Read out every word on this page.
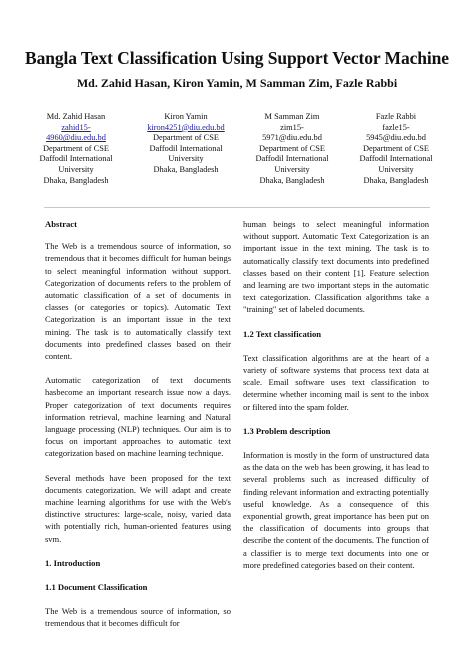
Bangla Text Classification Using Support Vector Machine
Md. Zahid Hasan, Kiron Yamin, M Samman Zim, Fazle Rabbi
Md. Zahid Hasan
zahid15-
4960@diu.edu.bd
Department of CSE
Daffodil International
University
Dhaka, Bangladesh
Kiron Yamin
kiron4251@diu.edu.bd
Department of CSE
Daffodil International
University
Dhaka, Bangladesh
M Samman Zim
zim15-
5971@diu.edu.bd
Department of CSE
Daffodil International
University
Dhaka, Bangladesh
Fazle Rabbi
fazle15-
5945@diu.edu.bd
Department of CSE
Daffodil International
University
Dhaka, Bangladesh
Abstract

The Web is a tremendous source of information, so tremendous that it becomes difficult for human beings to select meaningful information without support. Categorization of documents refers to the problem of automatic classification of a set of documents in classes (or categories or topics). Automatic Text Categorization is an important issue in the text mining. The task is to automatically classify text documents into predefined classes based on their content.

Automatic categorization of text documents hasbecome an important research issue now a days. Proper categorization of text documents requires information retrieval, machine learning and Natural language processing (NLP) techniques. Our aim is to focus on important approaches to automatic text categorization based on machine learning technique.

Several methods have been proposed for the text documents categorization. We will adapt and create machine learning algorithms for use with the Web's distinctive structures: large-scale, noisy, varied data with potentially rich, human-oriented features using svm.

1. Introduction
1.1 Document Classification

The Web is a tremendous source of information, so tremendous that it becomes difficult for

human beings to select meaningful information without support. Automatic Text Categorization is an important issue in the text mining. The task is to automatically classify text documents into predefined classes based on their content [1]. Feature selection and learning are two important steps in the automatic text categorization. Classification algorithms take a "training" set of labeled documents.

1.2 Text classification

Text classification algorithms are at the heart of a variety of software systems that process text data at scale. Email software uses text classification to determine whether incoming mail is sent to the inbox or filtered into the spam folder.

1.3 Problem description

Information is mostly in the form of unstructured data as the data on the web has been growing, it has lead to several problems such as increased difficulty of finding relevant information and extracting potentially useful knowledge. As a consequence of this exponential growth, great importance has been put on the classification of documents into groups that describe the content of the documents. The function of a classifier is to merge text documents into one or more predefined categories based on their content.
